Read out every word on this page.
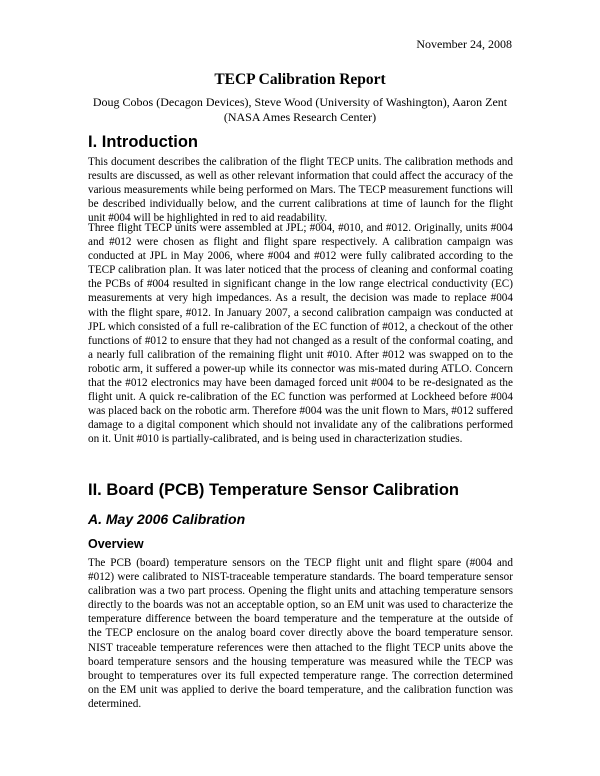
November 24, 2008
TECP Calibration Report
Doug Cobos (Decagon Devices), Steve Wood (University of Washington), Aaron Zent
(NASA Ames Research Center)
I. Introduction

This document describes the calibration of the flight TECP units. The calibration methods and results are discussed, as well as other relevant information that could affect the accuracy of the various measurements while being performed on Mars. The TECP measurement functions will be described individually below, and the current calibrations at time of launch for the flight unit #004 will be highlighted in red to aid readability.

Three flight TECP units were assembled at JPL; #004, #010, and #012. Originally, units #004 and #012 were chosen as flight and flight spare respectively. A calibration campaign was conducted at JPL in May 2006, where #004 and #012 were fully calibrated according to the TECP calibration plan. It was later noticed that the process of cleaning and conformal coating the PCBs of #004 resulted in significant change in the low range electrical conductivity (EC) measurements at very high impedances. As a result, the decision was made to replace #004 with the flight spare, #012. In January 2007, a second calibration campaign was conducted at JPL which consisted of a full re-calibration of the EC function of #012, a checkout of the other functions of #012 to ensure that they had not changed as a result of the conformal coating, and a nearly full calibration of the remaining flight unit #010. After #012 was swapped on to the robotic arm, it suffered a power-up while its connector was mis-mated during ATLO. Concern that the #012 electronics may have been damaged forced unit #004 to be re-designated as the flight unit. A quick re-calibration of the EC function was performed at Lockheed before #004 was placed back on the robotic arm. Therefore #004 was the unit flown to Mars, #012 suffered damage to a digital component which should not invalidate any of the calibrations performed on it. Unit #010 is partially-calibrated, and is being used in characterization studies.

II. Board (PCB) Temperature Sensor Calibration
A. May 2006 Calibration
Overview

The PCB (board) temperature sensors on the TECP flight unit and flight spare (#004 and #012) were calibrated to NIST-traceable temperature standards. The board temperature sensor calibration was a two part process. Opening the flight units and attaching temperature sensors directly to the boards was not an acceptable option, so an EM unit was used to characterize the temperature difference between the board temperature and the temperature at the outside of the TECP enclosure on the analog board cover directly above the board temperature sensor. NIST traceable temperature references were then attached to the flight TECP units above the board temperature sensors and the housing temperature was measured while the TECP was brought to temperatures over its full expected temperature range. The correction determined on the EM unit was applied to derive the board temperature, and the calibration function was determined.
